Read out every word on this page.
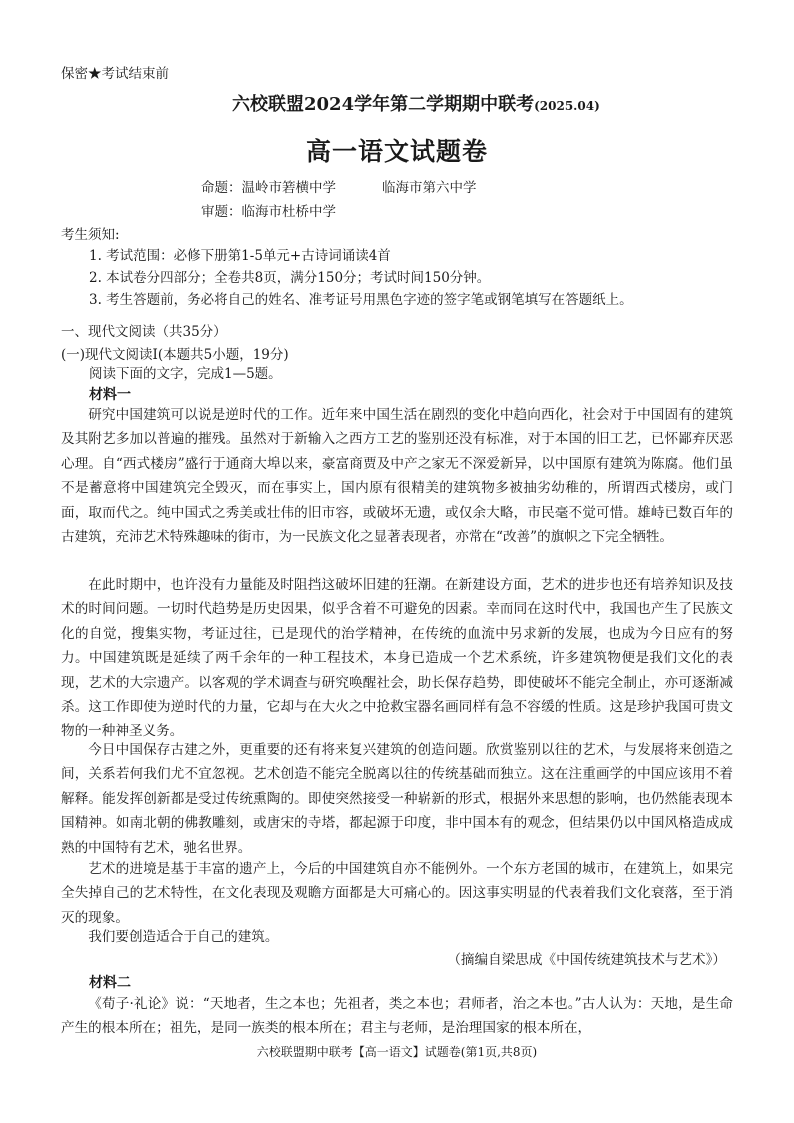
保密★考试结束前
六校联盟2024学年第二学期期中联考(2025.04)
高一语文试题卷
命题：温岭市箬横中学	临海市第六中学
审题：临海市杜桥中学
考生须知:
1. 考试范围：必修下册第1-5单元+古诗词诵读4首
2. 本试卷分四部分；全卷共8页，满分150分；考试时间150分钟。
3. 考生答题前，务必将自己的姓名、准考证号用黑色字迹的签字笔或钢笔填写在答题纸上。
一、现代文阅读（共35分）
(一)现代文阅读I(本题共5小题，19分)
阅读下面的文字，完成1—5题。
材料一

研究中国建筑可以说是逆时代的工作。近年来中国生活在剧烈的变化中趋向西化，社会对于中国固有的建筑及其附艺多加以普遍的摧残。虽然对于新输入之西方工艺的鉴别还没有标准，对于本国的旧工艺，已怀鄙弃厌恶心理。自“西式楼房”盛行于通商大埠以来，豪富商贾及中产之家无不深爱新异，以中国原有建筑为陈腐。他们虽不是蓄意将中国建筑完全毁灭，而在事实上，国内原有很精美的建筑物多被抽劣幼稚的，所谓西式楼房，或门面，取而代之。纯中国式之秀美或壮伟的旧市容，或破坏无遗，或仅余大略，市民毫不觉可惜。雄峙已数百年的古建筑，充沛艺术特殊趣味的街市，为一民族文化之显著表现者，亦常在“改善”的旗帜之下完全牺牲。

在此时期中，也许没有力量能及时阻挡这破坏旧建的狂潮。在新建设方面，艺术的进步也还有培养知识及技术的时间问题。一切时代趋势是历史因果，似乎含着不可避免的因素。幸而同在这时代中，我国也产生了民族文化的自觉，搜集实物，考证过往，已是现代的治学精神，在传统的血流中另求新的发展，也成为今日应有的努力。中国建筑既是延续了两千余年的一种工程技术，本身已造成一个艺术系统，许多建筑物便是我们文化的表现，艺术的大宗遗产。以客观的学术调查与研究唤醒社会，助长保存趋势，即使破坏不能完全制止，亦可逐渐减杀。这工作即使为逆时代的力量，它却与在大火之中抢救宝器名画同样有急不容缓的性质。这是珍护我国可贵文物的一种神圣义务。

今日中国保存古建之外，更重要的还有将来复兴建筑的创造问题。欣赏鉴别以往的艺术，与发展将来创造之间，关系若何我们尤不宜忽视。艺术创造不能完全脱离以往的传统基础而独立。这在注重画学的中国应该用不着解释。能发挥创新都是受过传统熏陶的。即使突然接受一种崭新的形式，根据外来思想的影响，也仍然能表现本国精神。如南北朝的佛教雕刻，或唐宋的寺塔，都起源于印度，非中国本有的观念，但结果仍以中国风格造成成熟的中国特有艺术，驰名世界。

艺术的进境是基于丰富的遗产上，今后的中国建筑自亦不能例外。一个东方老国的城市，在建筑上，如果完全失掉自己的艺术特性，在文化表现及观瞻方面都是大可痛心的。因这事实明显的代表着我们文化衰落，至于消灭的现象。

我们要创造适合于自己的建筑。

（摘编自梁思成《中国传统建筑技术与艺术》）
材料二

《荀子·礼论》说：“天地者，生之本也；先祖者，类之本也；君师者，治之本也。”古人认为：天地，是生命产生的根本所在；祖先，是同一族类的根本所在；君主与老师，是治理国家的根本所在，

六校联盟期中联考【高一语文】试题卷(第1页,共8页)
